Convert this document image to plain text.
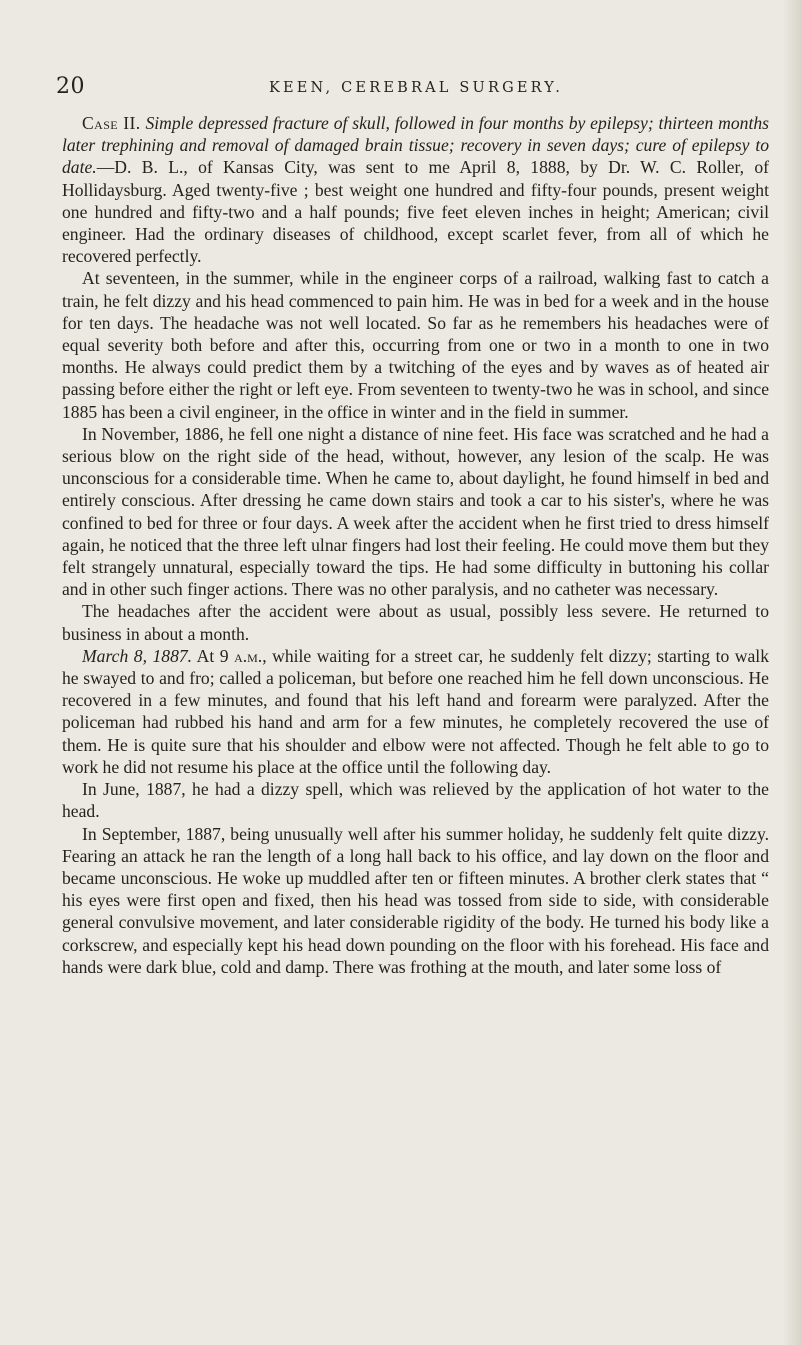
20	KEEN, CEREBRAL SURGERY.

Case II. Simple depressed fracture of skull, followed in four months by epilepsy; thirteen months later trephining and removal of damaged brain tissue; recovery in seven days; cure of epilepsy to date.—D. B. L., of Kansas City, was sent to me April 8, 1888, by Dr. W. C. Roller, of Hollidaysburg. Aged twenty-five ; best weight one hundred and fifty-four pounds, present weight one hundred and fifty-two and a half pounds; five feet eleven inches in height; American; civil engineer. Had the ordinary diseases of childhood, except scarlet fever, from all of which he recovered perfectly.

At seventeen, in the summer, while in the engineer corps of a railroad, walking fast to catch a train, he felt dizzy and his head commenced to pain him. He was in bed for a week and in the house for ten days. The headache was not well located. So far as he remembers his headaches were of equal severity both before and after this, occurring from one or two in a month to one in two months. He always could predict them by a twitching of the eyes and by waves as of heated air passing before either the right or left eye. From seventeen to twenty-two he was in school, and since 1885 has been a civil engineer, in the office in winter and in the field in summer.

In November, 1886, he fell one night a distance of nine feet. His face was scratched and he had a serious blow on the right side of the head, without, however, any lesion of the scalp. He was unconscious for a considerable time. When he came to, about daylight, he found himself in bed and entirely conscious. After dressing he came down stairs and took a car to his sister's, where he was confined to bed for three or four days. A week after the accident when he first tried to dress himself again, he noticed that the three left ulnar fingers had lost their feeling. He could move them but they felt strangely unnatural, especially toward the tips. He had some difficulty in buttoning his collar and in other such finger actions. There was no other paralysis, and no catheter was necessary.

The headaches after the accident were about as usual, possibly less severe. He returned to business in about a month.

March 8, 1887. At 9 a.m., while waiting for a street car, he suddenly felt dizzy; starting to walk he swayed to and fro; called a policeman, but before one reached him he fell down unconscious. He recovered in a few minutes, and found that his left hand and forearm were paralyzed. After the policeman had rubbed his hand and arm for a few minutes, he completely recovered the use of them. He is quite sure that his shoulder and elbow were not affected. Though he felt able to go to work he did not resume his place at the office until the following day.

In June, 1887, he had a dizzy spell, which was relieved by the application of hot water to the head.

In September, 1887, being unusually well after his summer holiday, he suddenly felt quite dizzy. Fearing an attack he ran the length of a long hall back to his office, and lay down on the floor and became unconscious. He woke up muddled after ten or fifteen minutes. A brother clerk states that “ his eyes were first open and fixed, then his head was tossed from side to side, with considerable general convulsive movement, and later considerable rigidity of the body. He turned his body like a corkscrew, and especially kept his head down pounding on the floor with his forehead. His face and hands were dark blue, cold and damp. There was frothing at the mouth, and later some loss of
